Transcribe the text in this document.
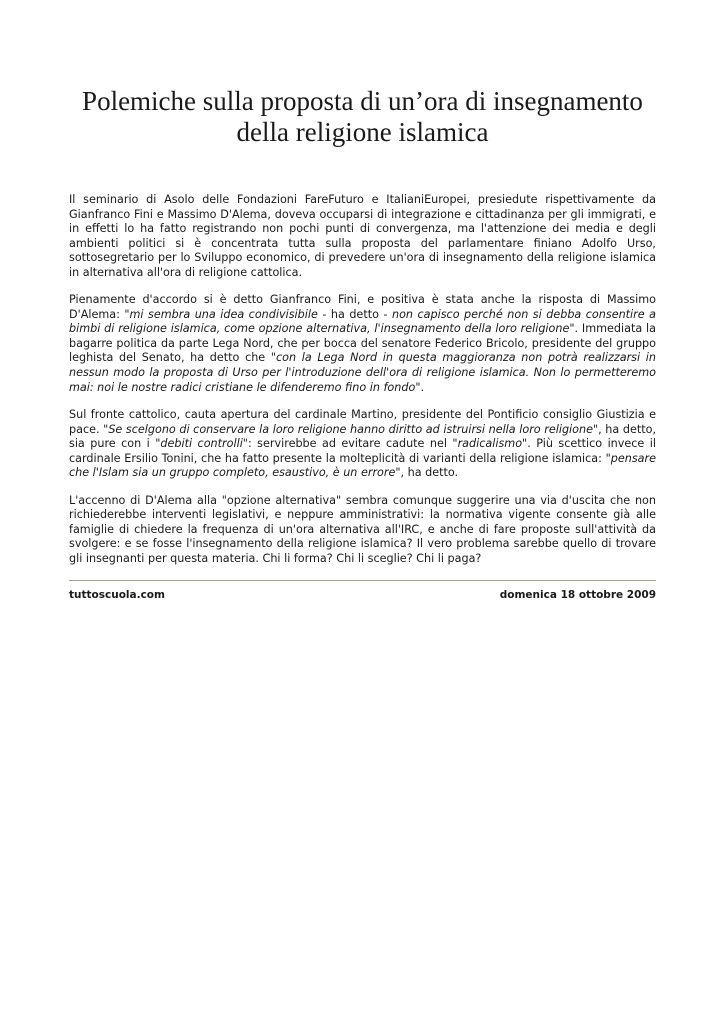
Polemiche sulla proposta di un’ora di insegnamento della religione islamica

Il seminario di Asolo delle Fondazioni FareFuturo e ItalianiEuropei, presiedute rispettivamente da Gianfranco Fini e Massimo D'Alema, doveva occuparsi di integrazione e cittadinanza per gli immigrati, e in effetti lo ha fatto registrando non pochi punti di convergenza, ma l'attenzione dei media e degli ambienti politici si è concentrata tutta sulla proposta del parlamentare finiano Adolfo Urso, sottosegretario per lo Sviluppo economico, di prevedere un'ora di insegnamento della religione islamica in alternativa all'ora di religione cattolica.

Pienamente d'accordo si è detto Gianfranco Fini, e positiva è stata anche la risposta di Massimo D'Alema: "mi sembra una idea condivisibile - ha detto - non capisco perché non si debba consentire a bimbi di religione islamica, come opzione alternativa, l'insegnamento della loro religione". Immediata la bagarre politica da parte Lega Nord, che per bocca del senatore Federico Bricolo, presidente del gruppo leghista del Senato, ha detto che "con la Lega Nord in questa maggioranza non potrà realizzarsi in nessun modo la proposta di Urso per l'introduzione dell'ora di religione islamica. Non lo permetteremo mai: noi le nostre radici cristiane le difenderemo fino in fondo".

Sul fronte cattolico, cauta apertura del cardinale Martino, presidente del Pontificio consiglio Giustizia e pace. "Se scelgono di conservare la loro religione hanno diritto ad istruirsi nella loro religione", ha detto, sia pure con i "debiti controlli": servirebbe ad evitare cadute nel "radicalismo". Più scettico invece il cardinale Ersilio Tonini, che ha fatto presente la molteplicità di varianti della religione islamica: "pensare che l'Islam sia un gruppo completo, esaustivo, è un errore", ha detto.

L'accenno di D'Alema alla "opzione alternativa" sembra comunque suggerire una via d'uscita che non richiederebbe interventi legislativi, e neppure amministrativi: la normativa vigente consente già alle famiglie di chiedere la frequenza di un'ora alternativa all'IRC, e anche di fare proposte sull'attività da svolgere: e se fosse l'insegnamento della religione islamica? Il vero problema sarebbe quello di trovare gli insegnanti per questa materia. Chi li forma? Chi li sceglie? Chi li paga?

tuttoscuola.com	domenica 18 ottobre 2009
